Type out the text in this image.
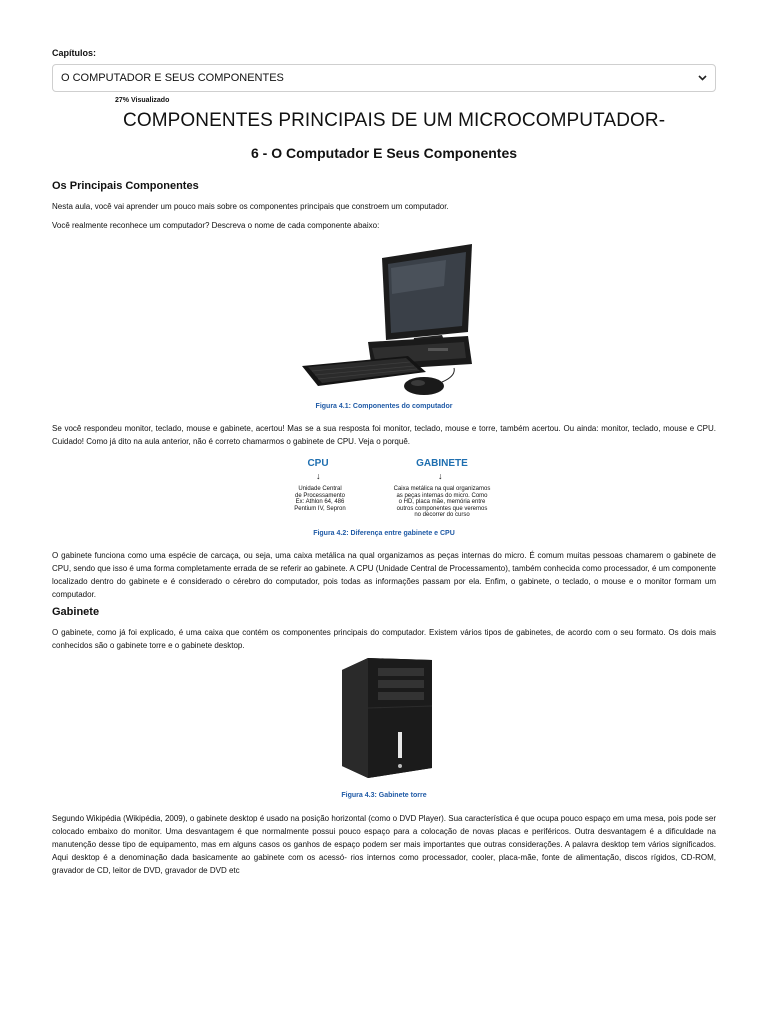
Capítulos:
O COMPUTADOR E SEUS COMPONENTES
27% Visualizado
COMPONENTES PRINCIPAIS DE UM MICROCOMPUTADOR-
6 - O Computador E Seus Componentes
Os Principais Componentes

Nesta aula, você vai aprender um pouco mais sobre os componentes principais que constroem um computador.

Você realmente reconhece um computador? Descreva o nome de cada componente abaixo:

Figura 4.1: Componentes do computador

Se você respondeu monitor, teclado, mouse e gabinete, acertou! Mas se a sua resposta foi monitor, teclado, mouse e torre, também acertou. Ou ainda: monitor, teclado, mouse e CPU. Cuidado! Como já dito na aula anterior, não é correto chamarmos o gabinete de CPU. Veja o porquê.

CPU
↓
Unidade Central
de Processamento
Ex: Athlon 64, 486
Pentium IV, Sepron
GABINETE
↓
Caixa metálica na qual organizamos
as peças internas do micro. Como
o HD, placa mãe, memória entre
outros componentes que veremos
no decorrer do curso
Figura 4.2: Diferença entre gabinete e CPU

O gabinete funciona como uma espécie de carcaça, ou seja, uma caixa metálica na qual organizamos as peças internas do micro. É comum muitas pessoas chamarem o gabinete de CPU, sendo que isso é uma forma completamente errada de se referir ao gabinete. A CPU (Unidade Central de Processamento), também conhecida como processador, é um componente localizado dentro do gabinete e é considerado o cérebro do computador, pois todas as informações passam por ela. Enfim, o gabinete, o teclado, o mouse e o monitor formam um computador.

Gabinete

O gabinete, como já foi explicado, é uma caixa que contém os componentes principais do computador. Existem vários tipos de gabinetes, de acordo com o seu formato. Os dois mais conhecidos são o gabinete torre e o gabinete desktop.

Figura 4.3: Gabinete torre

Segundo Wikipédia (Wikipédia, 2009), o gabinete desktop é usado na posição horizontal (como o DVD Player). Sua característica é que ocupa pouco espaço em uma mesa, pois pode ser colocado embaixo do monitor. Uma desvantagem é que normalmente possui pouco espaço para a colocação de novas placas e periféricos. Outra desvantagem é a dificuldade na manutenção desse tipo de equipamento, mas em alguns casos os ganhos de espaço podem ser mais importantes que outras considerações. A palavra desktop tem vários significados. Aqui desktop é a denominação dada basicamente ao gabinete com os acessó- rios internos como processador, cooler, placa-mãe, fonte de alimentação, discos rígidos, CD-ROM, gravador de CD, leitor de DVD, gravador de DVD etc
